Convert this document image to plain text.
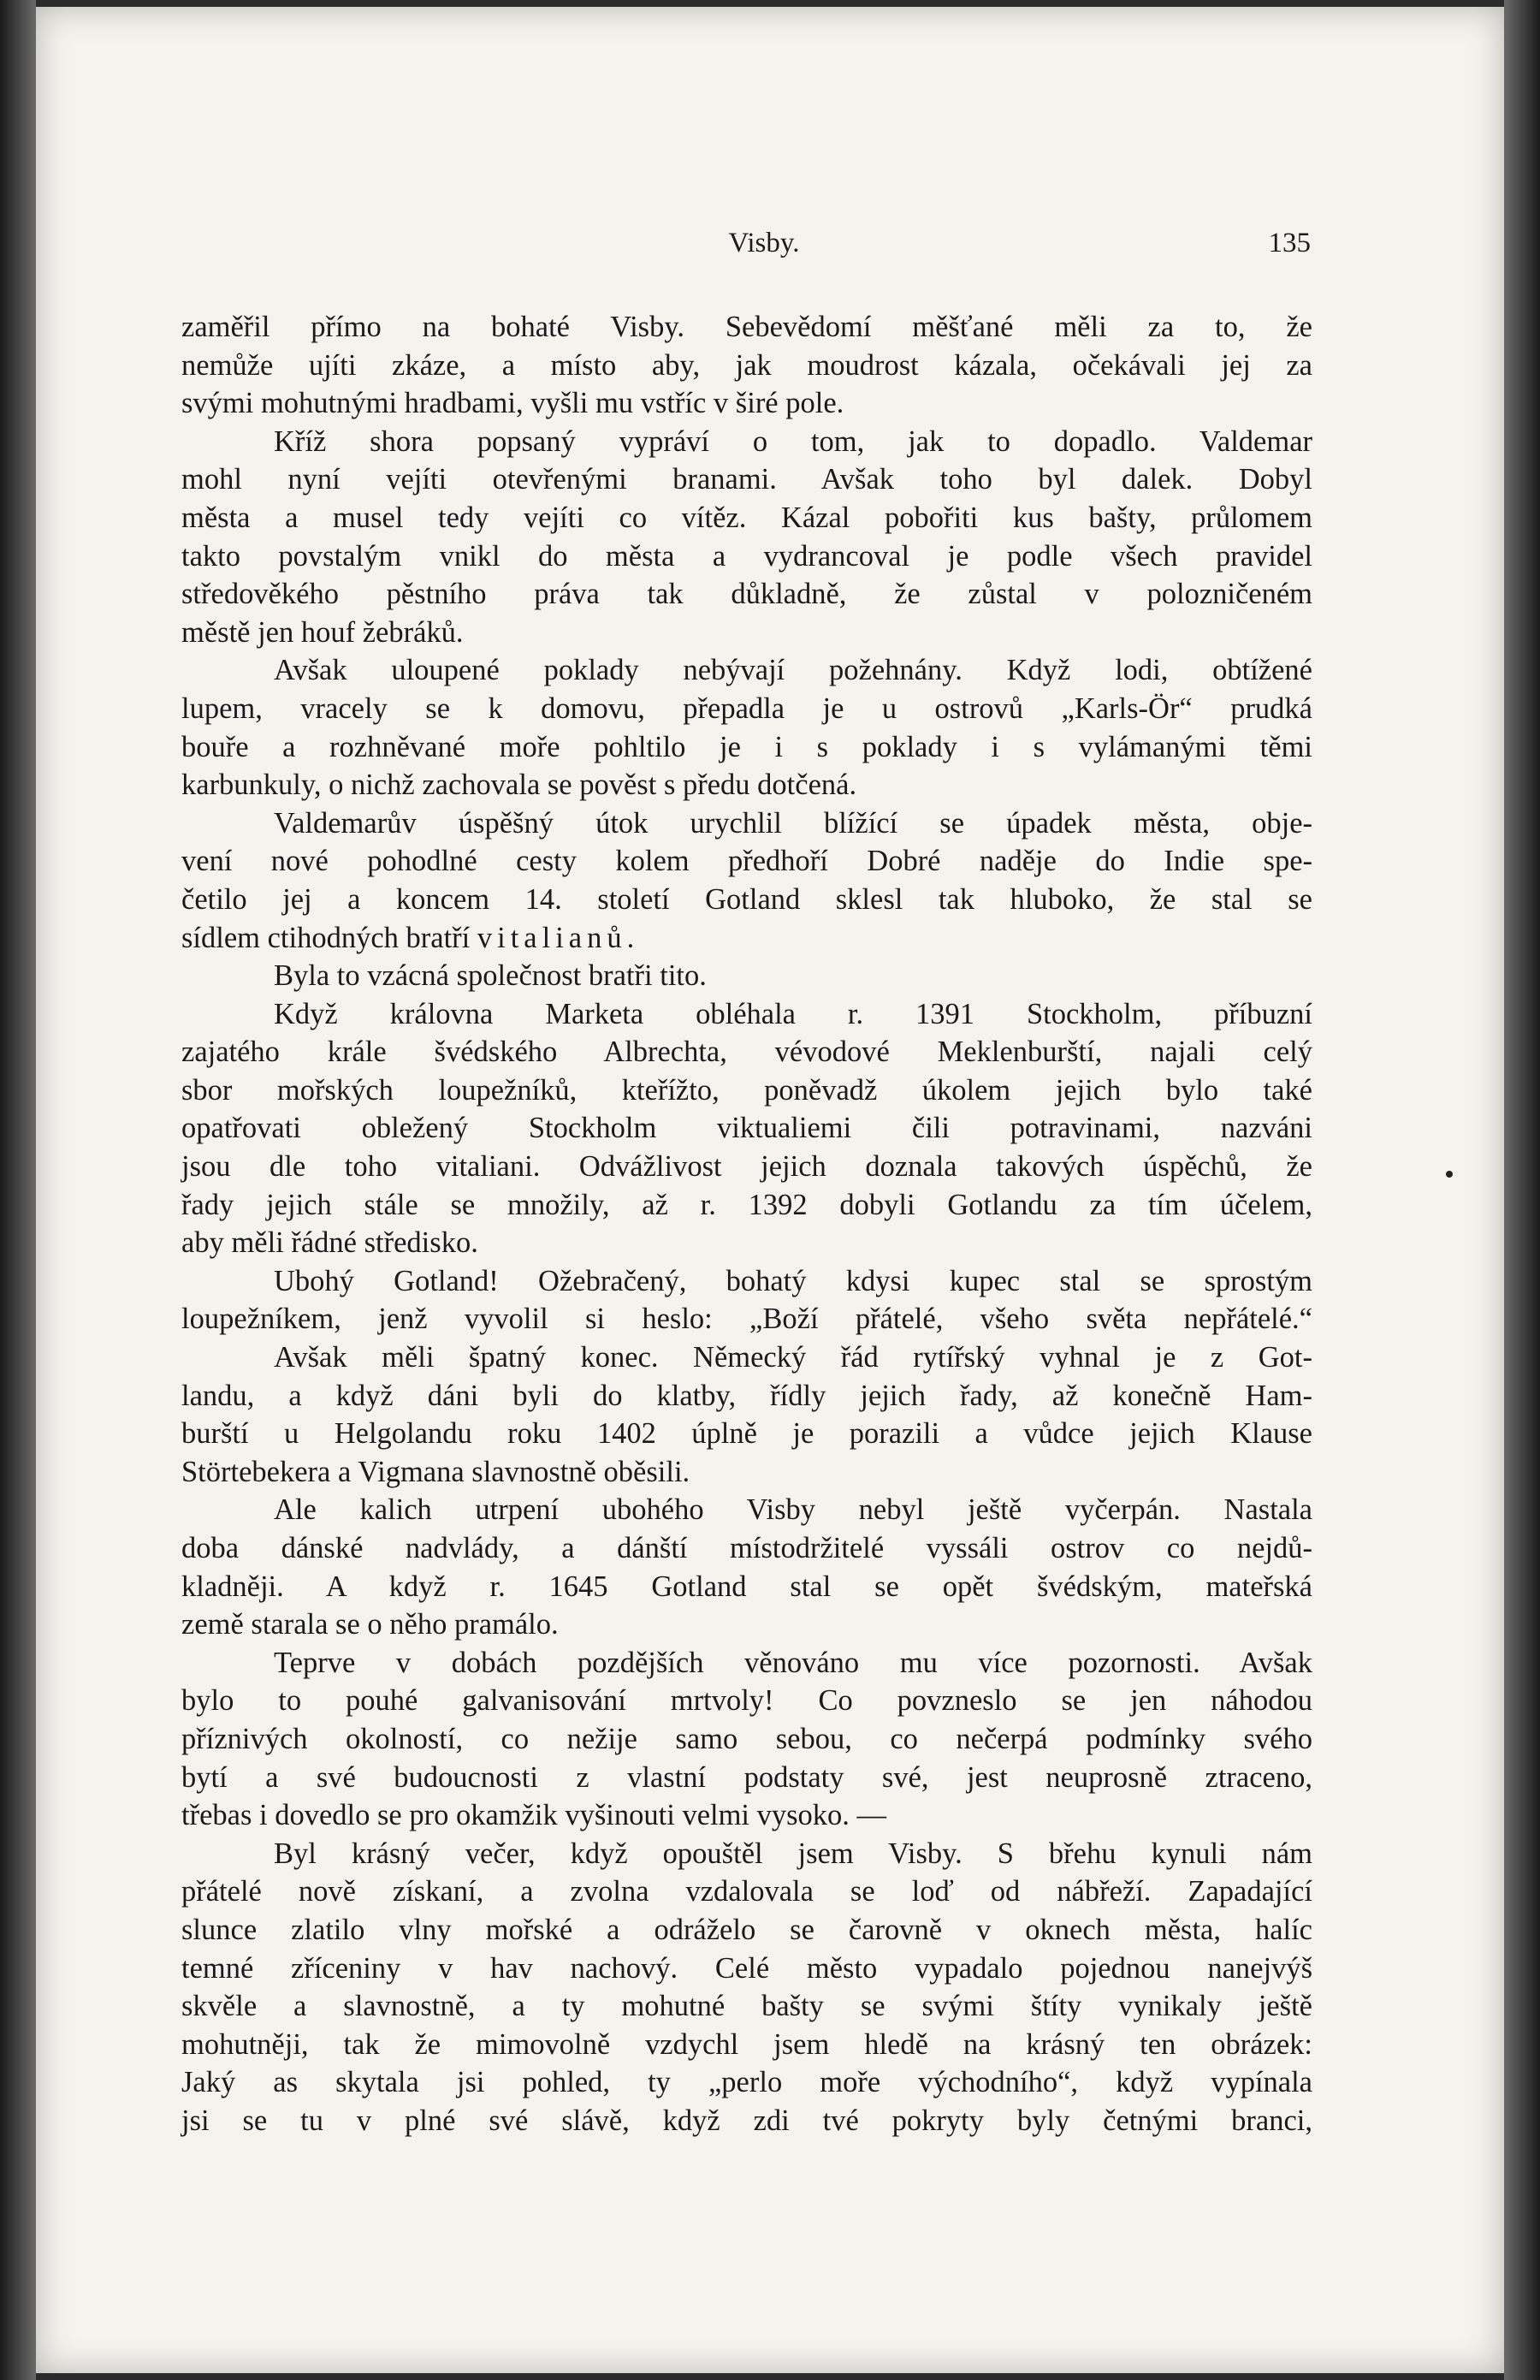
Visby.	135
zaměřil přímo na bohaté Visby. Sebevědomí měšťané měli za to, že
nemůže ujíti zkáze, a místo aby, jak moudrost kázala, očekávali jej za
svými mohutnými hradbami, vyšli mu vstříc v širé pole.
Kříž shora popsaný vypráví o tom, jak to dopadlo. Valdemar
mohl nyní vejíti otevřenými branami. Avšak toho byl dalek. Dobyl
města a musel tedy vejíti co vítěz. Kázal pobořiti kus bašty, průlomem
takto povstalým vnikl do města a vydrancoval je podle všech pravidel
středověkého pěstního práva tak důkladně, že zůstal v polozničeném
městě jen houf žebráků.
Avšak uloupené poklady nebývají požehnány. Když lodi, obtížené
lupem, vracely se k domovu, přepadla je u ostrovů „Karls-Ör“ prudká
bouře a rozhněvané moře pohltilo je i s poklady i s vylámanými těmi
karbunkuly, o nichž zachovala se pověst s předu dotčená.
Valdemarův úspěšný útok urychlil blížící se úpadek města, obje-
vení nové pohodlné cesty kolem předhoří Dobré naděje do Indie spe-
četilo jej a koncem 14. století Gotland sklesl tak hluboko, že stal se
sídlem ctihodných bratří vitalianů.
Byla to vzácná společnost bratři tito.
Když královna Marketa obléhala r. 1391 Stockholm, příbuzní
zajatého krále švédského Albrechta, vévodové Meklenburští, najali celý
sbor mořských loupežníků, kteřížto, poněvadž úkolem jejich bylo také
opatřovati obležený Stockholm viktualiemi čili potravinami, nazváni
jsou dle toho vitaliani. Odvážlivost jejich doznala takových úspěchů, že
řady jejich stále se množily, až r. 1392 dobyli Gotlandu za tím účelem,
aby měli řádné středisko.
Ubohý Gotland! Ožebračený, bohatý kdysi kupec stal se sprostým
loupežníkem, jenž vyvolil si heslo: „Boží přátelé, všeho světa nepřátelé.“
Avšak měli špatný konec. Německý řád rytířský vyhnal je z Got-
landu, a když dáni byli do klatby, řídly jejich řady, až konečně Ham-
burští u Helgolandu roku 1402 úplně je porazili a vůdce jejich Klause
Störtebekera a Vigmana slavnostně oběsili.
Ale kalich utrpení ubohého Visby nebyl ještě vyčerpán. Nastala
doba dánské nadvlády, a dánští místodržitelé vyssáli ostrov co nejdů-
kladněji. A když r. 1645 Gotland stal se opět švédským, mateřská
země starala se o něho pramálo.
Teprve v dobách pozdějších věnováno mu více pozornosti. Avšak
bylo to pouhé galvanisování mrtvoly! Co povzneslo se jen náhodou
příznivých okolností, co nežije samo sebou, co nečerpá podmínky svého
bytí a své budoucnosti z vlastní podstaty své, jest neuprosně ztraceno,
třebas i dovedlo se pro okamžik vyšinouti velmi vysoko. —
Byl krásný večer, když opouštěl jsem Visby. S břehu kynuli nám
přátelé nově získaní, a zvolna vzdalovala se loď od nábřeží. Zapadající
slunce zlatilo vlny mořské a odráželo se čarovně v oknech města, halíc
temné zříceniny v hav nachový. Celé město vypadalo pojednou nanejvýš
skvěle a slavnostně, a ty mohutné bašty se svými štíty vynikaly ještě
mohutněji, tak že mimovolně vzdychl jsem hledě na krásný ten obrázek:
Jaký as skytala jsi pohled, ty „perlo moře východního“, když vypínala
jsi se tu v plné své slávě, když zdi tvé pokryty byly četnými branci,
